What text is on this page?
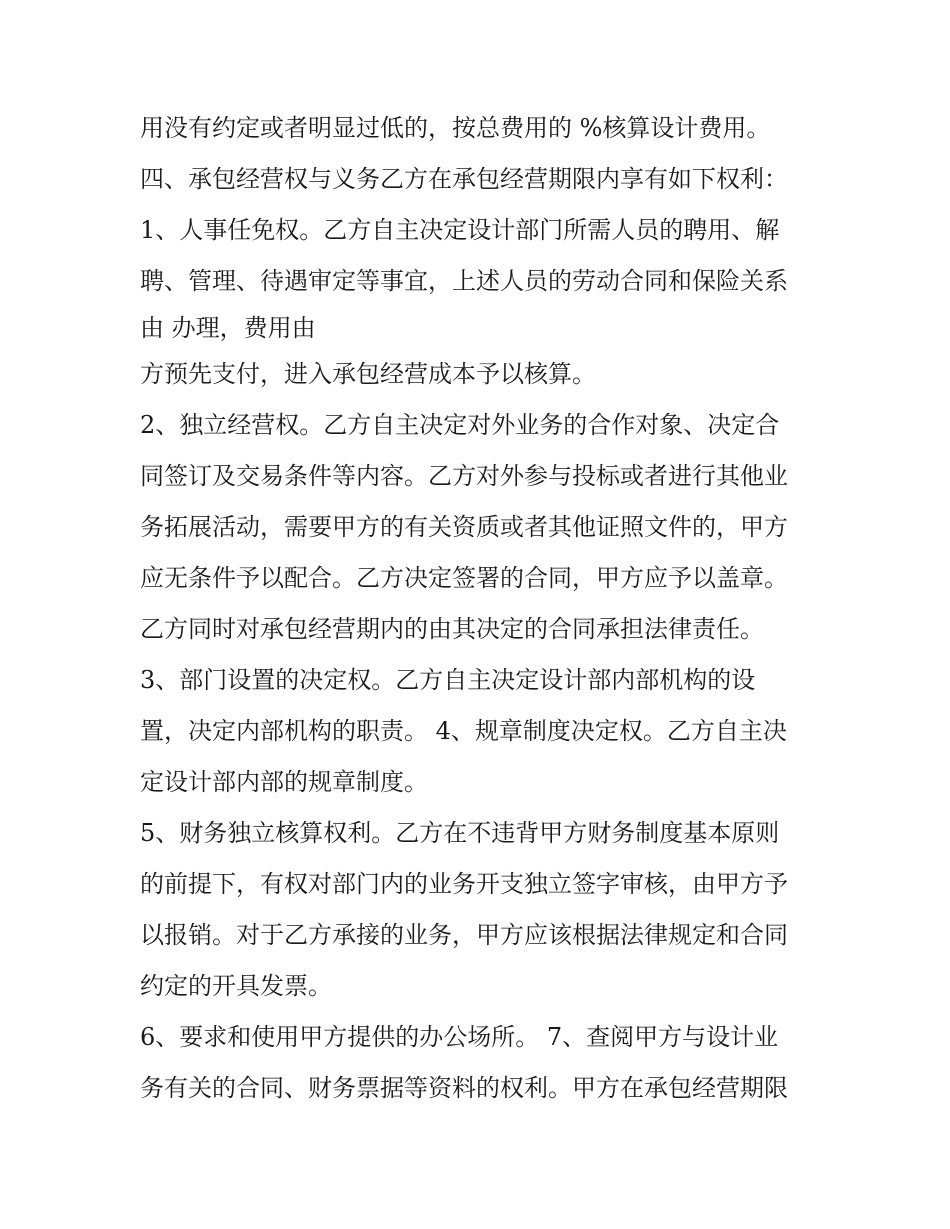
用没有约定或者明显过低的，按总费用的 %核算设计费用。
四、承包经营权与义务乙方在承包经营期限内享有如下权利：
1、人事任免权。乙方自主决定设计部门所需人员的聘用、解
聘、管理、待遇审定等事宜，上述人员的劳动合同和保险关系
由 办理，费用由
方预先支付，进入承包经营成本予以核算。
2、独立经营权。乙方自主决定对外业务的合作对象、决定合
同签订及交易条件等内容。乙方对外参与投标或者进行其他业
务拓展活动，需要甲方的有关资质或者其他证照文件的，甲方
应无条件予以配合。乙方决定签署的合同，甲方应予以盖章。
乙方同时对承包经营期内的由其决定的合同承担法律责任。
3、部门设置的决定权。乙方自主决定设计部内部机构的设
置，决定内部机构的职责。 4、规章制度决定权。乙方自主决
定设计部内部的规章制度。
5、财务独立核算权利。乙方在不违背甲方财务制度基本原则
的前提下，有权对部门内的业务开支独立签字审核，由甲方予
以报销。对于乙方承接的业务，甲方应该根据法律规定和合同
约定的开具发票。
6、要求和使用甲方提供的办公场所。 7、查阅甲方与设计业
务有关的合同、财务票据等资料的权利。甲方在承包经营期限
